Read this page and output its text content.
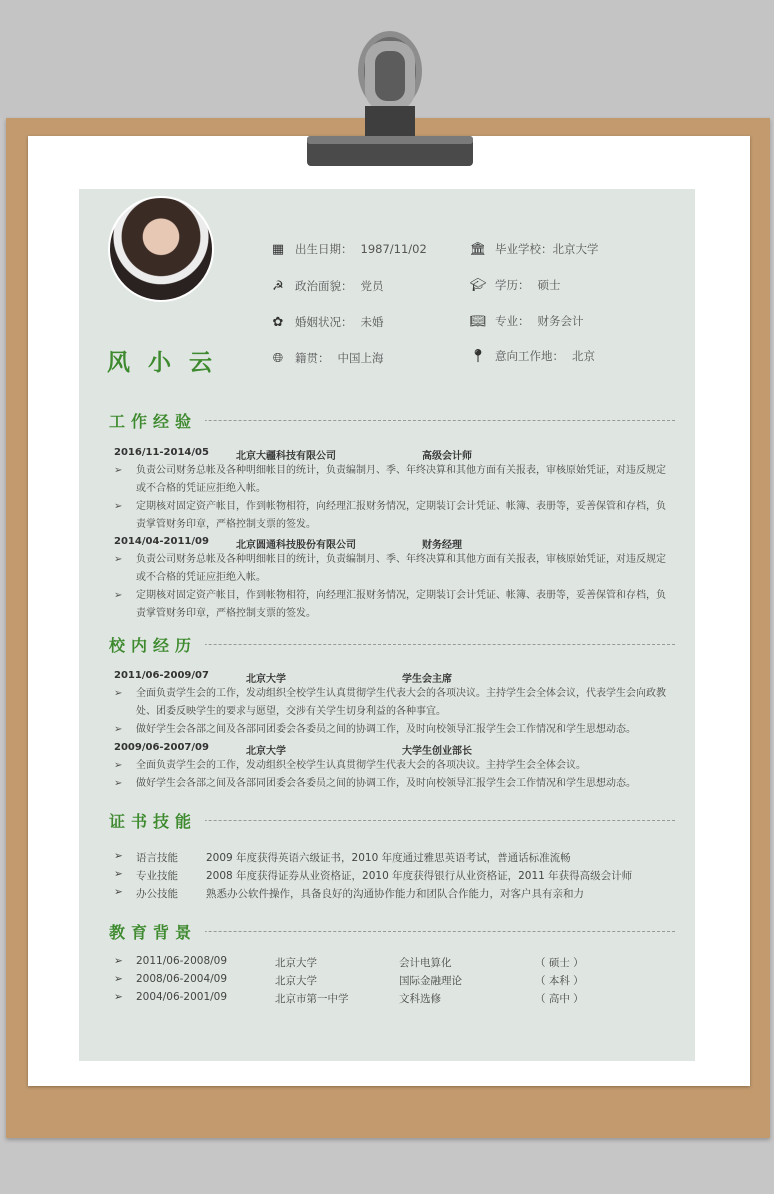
风小云
▦ 出生日期： 1987/11/02
☭ 政治面貌： 党员
✿ 婚姻状况： 未婚
🌐︎ 籍贯： 中国上海
🏛︎ 毕业学校：北京大学
🎓︎ 学历： 硕士
📖︎ 专业： 财务会计
📍︎ 意向工作地： 北京
工作经验
2016/11-2014/05	北京大疆科技有限公司	高级会计师
➢ 负责公司财务总帐及各种明细帐目的统计，负责编制月、季、年终决算和其他方面有关报表，审核原始凭证，对违反规定或不合格的凭证应拒绝入帐。
➢ 定期核对固定资产帐目，作到帐物相符，向经理汇报财务情况，定期装订会计凭证、帐簿、表册等，妥善保管和存档，负责掌管财务印章，严格控制支票的签发。
2014/04-2011/09	北京圆通科技股份有限公司	财务经理
➢ 负责公司财务总帐及各种明细帐目的统计，负责编制月、季、年终决算和其他方面有关报表，审核原始凭证，对违反规定或不合格的凭证应拒绝入帐。
➢ 定期核对固定资产帐目，作到帐物相符，向经理汇报财务情况，定期装订会计凭证、帐簿、表册等，妥善保管和存档，负责掌管财务印章，严格控制支票的签发。
校内经历
2011/06-2009/07	北京大学	学生会主席
➢ 全面负责学生会的工作，发动组织全校学生认真贯彻学生代表大会的各项决议。主持学生会全体会议，代表学生会向政教处、团委反映学生的要求与愿望，交涉有关学生切身利益的各种事宜。
➢ 做好学生会各部之间及各部同团委会各委员之间的协调工作，及时向校领导汇报学生会工作情况和学生思想动态。
2009/06-2007/09	北京大学	大学生创业部长
➢ 全面负责学生会的工作，发动组织全校学生认真贯彻学生代表大会的各项决议。主持学生会全体会议。
➢ 做好学生会各部之间及各部同团委会各委员之间的协调工作，及时向校领导汇报学生会工作情况和学生思想动态。
证书技能
➢ 语言技能	2009 年度获得英语六级证书，2010 年度通过雅思英语考试，普通话标准流畅
➢ 专业技能	2008 年度获得证券从业资格证，2010 年度获得银行从业资格证，2011 年获得高级会计师
➢ 办公技能	熟悉办公软件操作，具备良好的沟通协作能力和团队合作能力，对客户具有亲和力
教育背景
➢ 2011/06-2008/09	北京大学	会计电算化	（ 硕士 ）
➢ 2008/06-2004/09	北京大学	国际金融理论	（ 本科 ）
➢ 2004/06-2001/09	北京市第一中学	文科选修	（ 高中 ）
